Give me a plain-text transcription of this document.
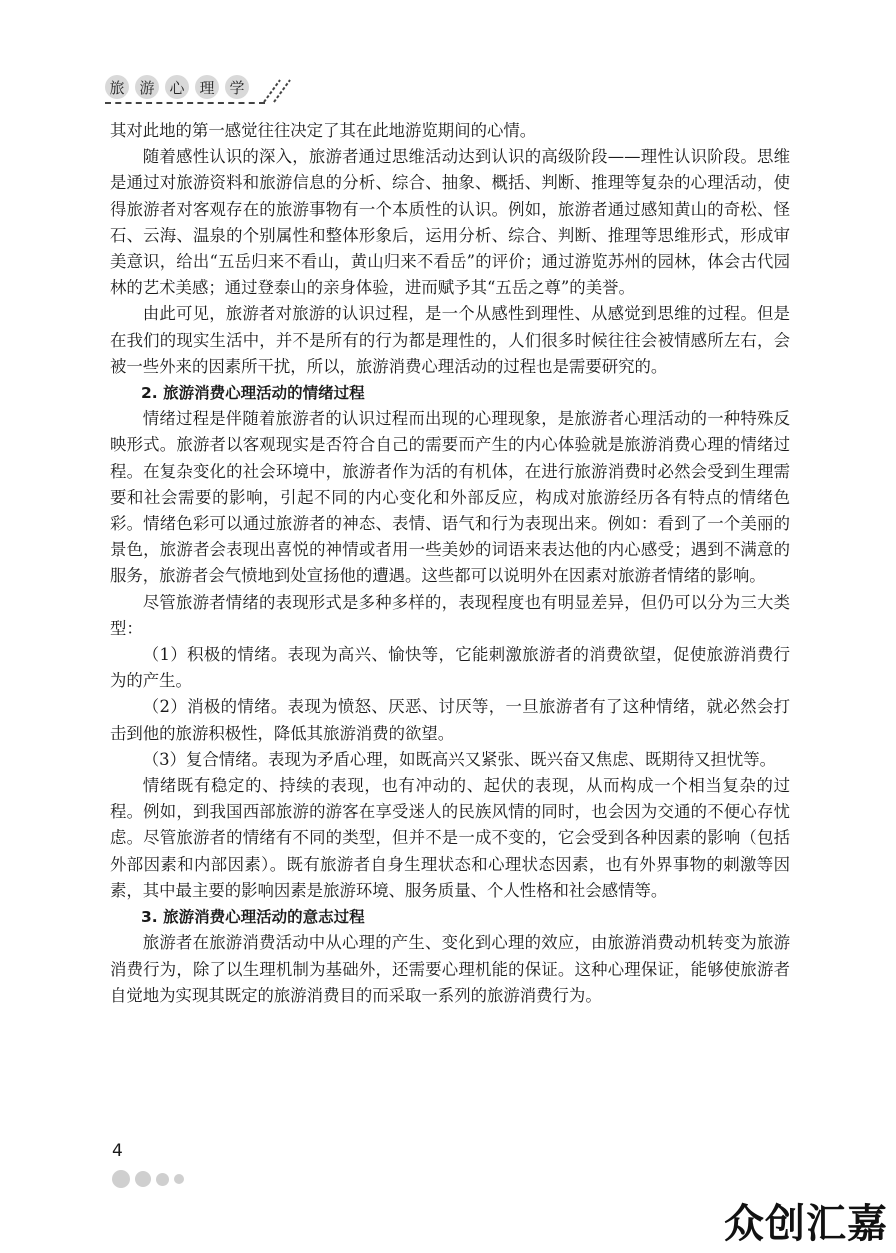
旅 游 心 理 学

其对此地的第一感觉往往决定了其在此地游览期间的心情。

随着感性认识的深入，旅游者通过思维活动达到认识的高级阶段——理性认识阶段。思维是通过对旅游资料和旅游信息的分析、综合、抽象、概括、判断、推理等复杂的心理活动，使得旅游者对客观存在的旅游事物有一个本质性的认识。例如，旅游者通过感知黄山的奇松、怪石、云海、温泉的个别属性和整体形象后，运用分析、综合、判断、推理等思维形式，形成审美意识，给出“五岳归来不看山，黄山归来不看岳”的评价；通过游览苏州的园林，体会古代园林的艺术美感；通过登泰山的亲身体验，进而赋予其“五岳之尊”的美誉。

由此可见，旅游者对旅游的认识过程，是一个从感性到理性、从感觉到思维的过程。但是在我们的现实生活中，并不是所有的行为都是理性的，人们很多时候往往会被情感所左右，会被一些外来的因素所干扰，所以，旅游消费心理活动的过程也是需要研究的。

2. 旅游消费心理活动的情绪过程

情绪过程是伴随着旅游者的认识过程而出现的心理现象，是旅游者心理活动的一种特殊反映形式。旅游者以客观现实是否符合自己的需要而产生的内心体验就是旅游消费心理的情绪过程。在复杂变化的社会环境中，旅游者作为活的有机体，在进行旅游消费时必然会受到生理需要和社会需要的影响，引起不同的内心变化和外部反应，构成对旅游经历各有特点的情绪色彩。情绪色彩可以通过旅游者的神态、表情、语气和行为表现出来。例如：看到了一个美丽的景色，旅游者会表现出喜悦的神情或者用一些美妙的词语来表达他的内心感受；遇到不满意的服务，旅游者会气愤地到处宣扬他的遭遇。这些都可以说明外在因素对旅游者情绪的影响。

尽管旅游者情绪的表现形式是多种多样的，表现程度也有明显差异，但仍可以分为三大类型：

（1）积极的情绪。表现为高兴、愉快等，它能刺激旅游者的消费欲望，促使旅游消费行为的产生。

（2）消极的情绪。表现为愤怒、厌恶、讨厌等，一旦旅游者有了这种情绪，就必然会打击到他的旅游积极性，降低其旅游消费的欲望。

（3）复合情绪。表现为矛盾心理，如既高兴又紧张、既兴奋又焦虑、既期待又担忧等。

情绪既有稳定的、持续的表现，也有冲动的、起伏的表现，从而构成一个相当复杂的过程。例如，到我国西部旅游的游客在享受迷人的民族风情的同时，也会因为交通的不便心存忧虑。尽管旅游者的情绪有不同的类型，但并不是一成不变的，它会受到各种因素的影响（包括外部因素和内部因素）。既有旅游者自身生理状态和心理状态因素，也有外界事物的刺激等因素，其中最主要的影响因素是旅游环境、服务质量、个人性格和社会感情等。

3. 旅游消费心理活动的意志过程

旅游者在旅游消费活动中从心理的产生、变化到心理的效应，由旅游消费动机转变为旅游消费行为，除了以生理机制为基础外，还需要心理机能的保证。这种心理保证，能够使旅游者自觉地为实现其既定的旅游消费目的而采取一系列的旅游消费行为。

4
众创汇嘉
